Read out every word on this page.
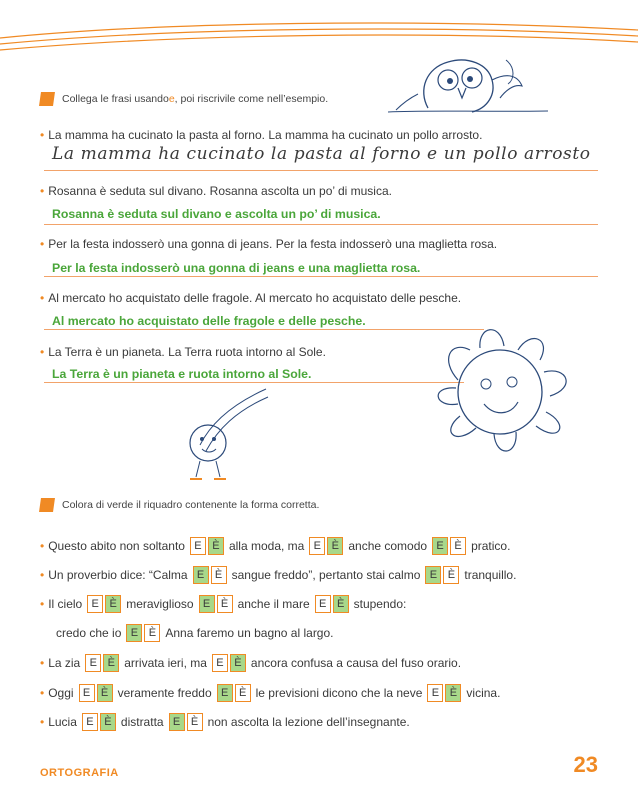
Collega le frasi usando e , poi riscrivile come nell’esempio.
• La mamma ha cucinato la pasta al forno. La mamma ha cucinato un pollo arrosto.
La mamma ha cucinato la pasta al forno e un pollo arrosto
• Rosanna è seduta sul divano. Rosanna ascolta un po’ di musica.
Rosanna è seduta sul divano e ascolta un po’ di musica.
• Per la festa indosserò una gonna di jeans. Per la festa indosserò una maglietta rosa.
Per la festa indosserò una gonna di jeans e una maglietta rosa.
• Al mercato ho acquistato delle fragole. Al mercato ho acquistato delle pesche.
Al mercato ho acquistato delle fragole e delle pesche.
• La Terra è un pianeta. La Terra ruota intorno al Sole.
La Terra è un pianeta e ruota intorno al Sole.
Colora di verde il riquadro contenente la forma corretta.
• Questo abito non soltanto E È alla moda, ma E È anche comodo E È pratico.
• Un proverbio dice: “Calma E È sangue freddo”, pertanto stai calmo E È tranquillo.
• Il cielo E È meraviglioso E È anche il mare E È stupendo:
credo che io E È Anna faremo un bagno al largo.
• La zia E È arrivata ieri, ma E È ancora confusa a causa del fuso orario.
• Oggi E È veramente freddo E È le previsioni dicono che la neve E È vicina.
• Lucia E È distratta E È non ascolta la lezione dell’insegnante.
ORTOGRAFIA	23
